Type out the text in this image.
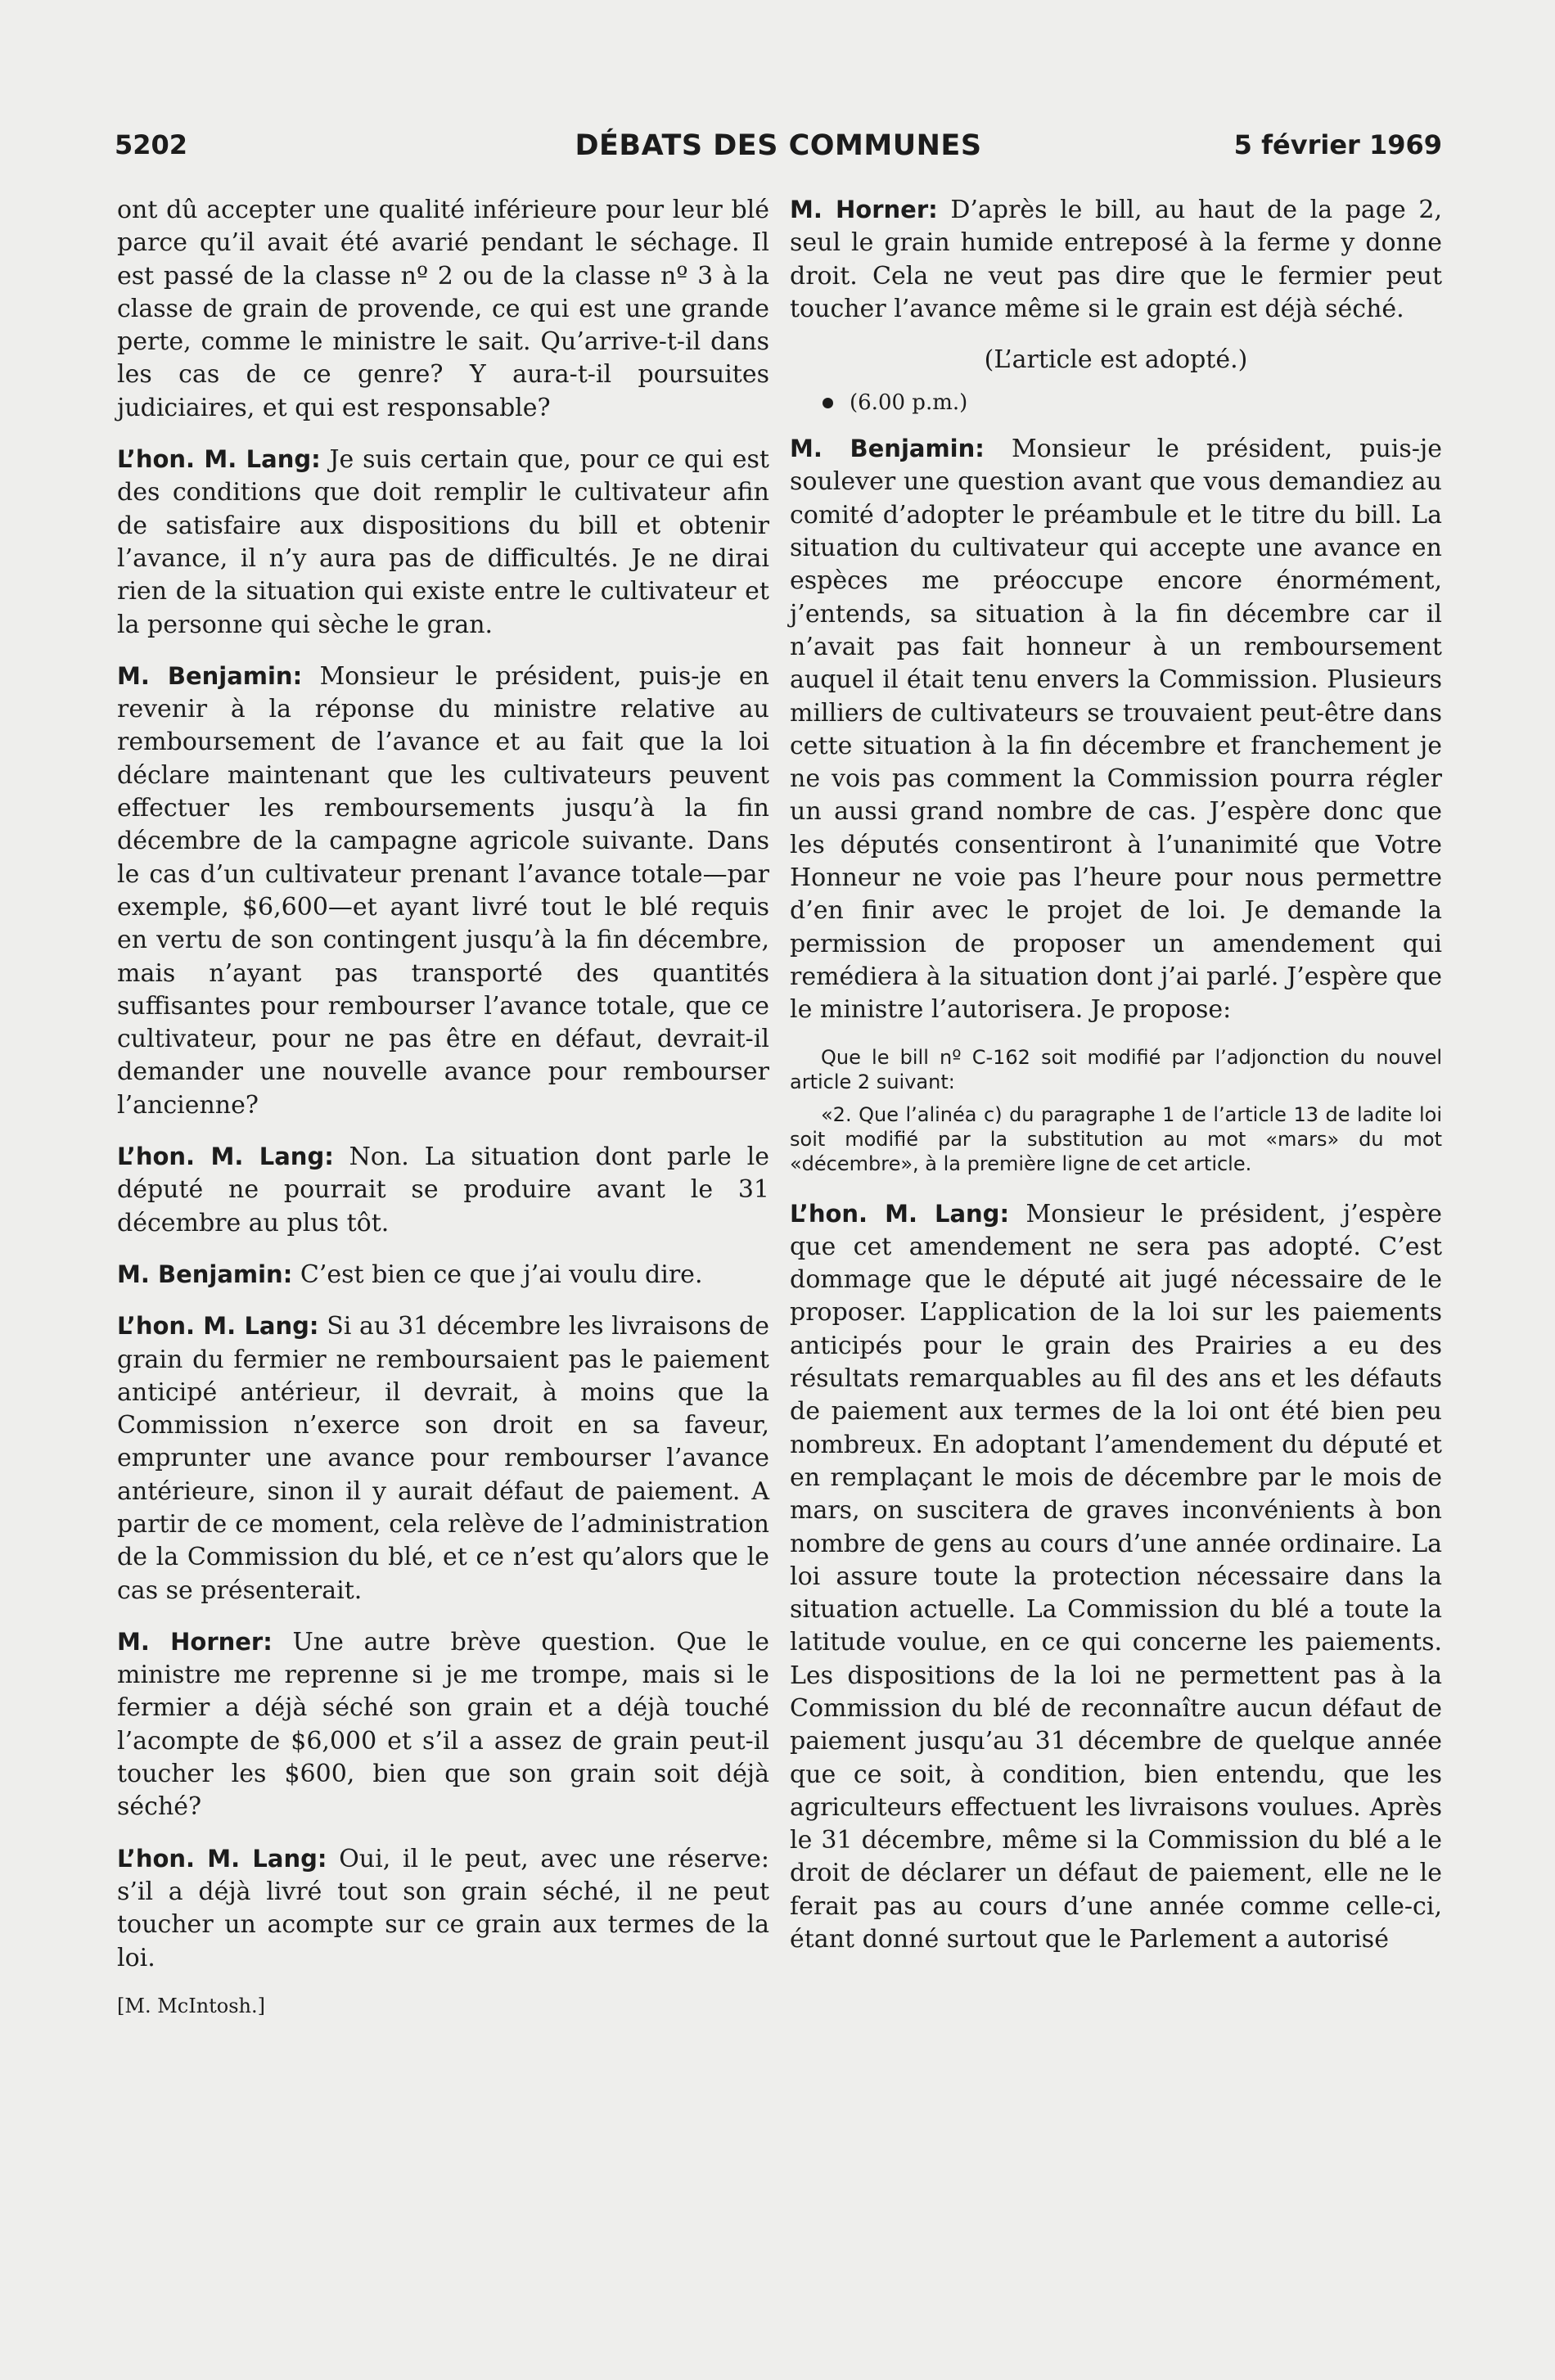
5202	DÉBATS DES COMMUNES	5 février 1969

ont dû accepter une qualité inférieure pour leur blé parce qu’il avait été avarié pendant le séchage. Il est passé de la classe nº 2 ou de la classe nº 3 à la classe de grain de provende, ce qui est une grande perte, comme le ministre le sait. Qu’arrive-t-il dans les cas de ce genre? Y aura-t-il poursuites judiciaires, et qui est responsable?

L’hon. M. Lang: Je suis certain que, pour ce qui est des conditions que doit remplir le cultivateur afin de satisfaire aux dispositions du bill et obtenir l’avance, il n’y aura pas de difficultés. Je ne dirai rien de la situation qui existe entre le cultivateur et la personne qui sèche le gran.

M. Benjamin: Monsieur le président, puis-je en revenir à la réponse du ministre relative au remboursement de l’avance et au fait que la loi déclare maintenant que les cultivateurs peuvent effectuer les remboursements jusqu’à la fin décembre de la campagne agricole suivante. Dans le cas d’un cultivateur prenant l’avance totale—par exemple, $6,600—et ayant livré tout le blé requis en vertu de son contingent jusqu’à la fin décembre, mais n’ayant pas transporté des quantités suffisantes pour rembourser l’avance totale, que ce cultivateur, pour ne pas être en défaut, devrait-il demander une nouvelle avance pour rembourser l’ancienne?

L’hon. M. Lang: Non. La situation dont parle le député ne pourrait se produire avant le 31 décembre au plus tôt.

M. Benjamin: C’est bien ce que j’ai voulu dire.

L’hon. M. Lang: Si au 31 décembre les livraisons de grain du fermier ne remboursaient pas le paiement anticipé antérieur, il devrait, à moins que la Commission n’exerce son droit en sa faveur, emprunter une avance pour rembourser l’avance antérieure, sinon il y aurait défaut de paiement. A partir de ce moment, cela relève de l’administration de la Commission du blé, et ce n’est qu’alors que le cas se présenterait.

M. Horner: Une autre brève question. Que le ministre me reprenne si je me trompe, mais si le fermier a déjà séché son grain et a déjà touché l’acompte de $6,000 et s’il a assez de grain peut-il toucher les $600, bien que son grain soit déjà séché?

L’hon. M. Lang: Oui, il le peut, avec une réserve: s’il a déjà livré tout son grain séché, il ne peut toucher un acompte sur ce grain aux termes de la loi.

[M. McIntosh.]

M. Horner: D’après le bill, au haut de la page 2, seul le grain humide entreposé à la ferme y donne droit. Cela ne veut pas dire que le fermier peut toucher l’avance même si le grain est déjà séché.

(L’article est adopté.)

(6.00 p.m.)

M. Benjamin: Monsieur le président, puis-je soulever une question avant que vous demandiez au comité d’adopter le préambule et le titre du bill. La situation du cultivateur qui accepte une avance en espèces me préoccupe encore énormément, j’entends, sa situation à la fin décembre car il n’avait pas fait honneur à un remboursement auquel il était tenu envers la Commission. Plusieurs milliers de cultivateurs se trouvaient peut-être dans cette situation à la fin décembre et franchement je ne vois pas comment la Commission pourra régler un aussi grand nombre de cas. J’espère donc que les députés consentiront à l’unanimité que Votre Honneur ne voie pas l’heure pour nous permettre d’en finir avec le projet de loi. Je demande la permission de proposer un amendement qui remédiera à la situation dont j’ai parlé. J’espère que le ministre l’autorisera. Je propose:

Que le bill nº C-162 soit modifié par l’adjonction du nouvel article 2 suivant:

«2. Que l’alinéa c) du paragraphe 1 de l’article 13 de ladite loi soit modifié par la substitution au mot «mars» du mot «décembre», à la première ligne de cet article.

L’hon. M. Lang: Monsieur le président, j’espère que cet amendement ne sera pas adopté. C’est dommage que le député ait jugé nécessaire de le proposer. L’application de la loi sur les paiements anticipés pour le grain des Prairies a eu des résultats remarquables au fil des ans et les défauts de paiement aux termes de la loi ont été bien peu nombreux. En adoptant l’amendement du député et en remplaçant le mois de décembre par le mois de mars, on suscitera de graves inconvénients à bon nombre de gens au cours d’une année ordinaire. La loi assure toute la protection nécessaire dans la situation actuelle. La Commission du blé a toute la latitude voulue, en ce qui concerne les paiements. Les dispositions de la loi ne permettent pas à la Commission du blé de reconnaître aucun défaut de paiement jusqu’au 31 décembre de quelque année que ce soit, à condition, bien entendu, que les agriculteurs effectuent les livraisons voulues. Après le 31 décembre, même si la Commission du blé a le droit de déclarer un défaut de paiement, elle ne le ferait pas au cours d’une année comme celle-ci, étant donné surtout que le Parlement a autorisé
